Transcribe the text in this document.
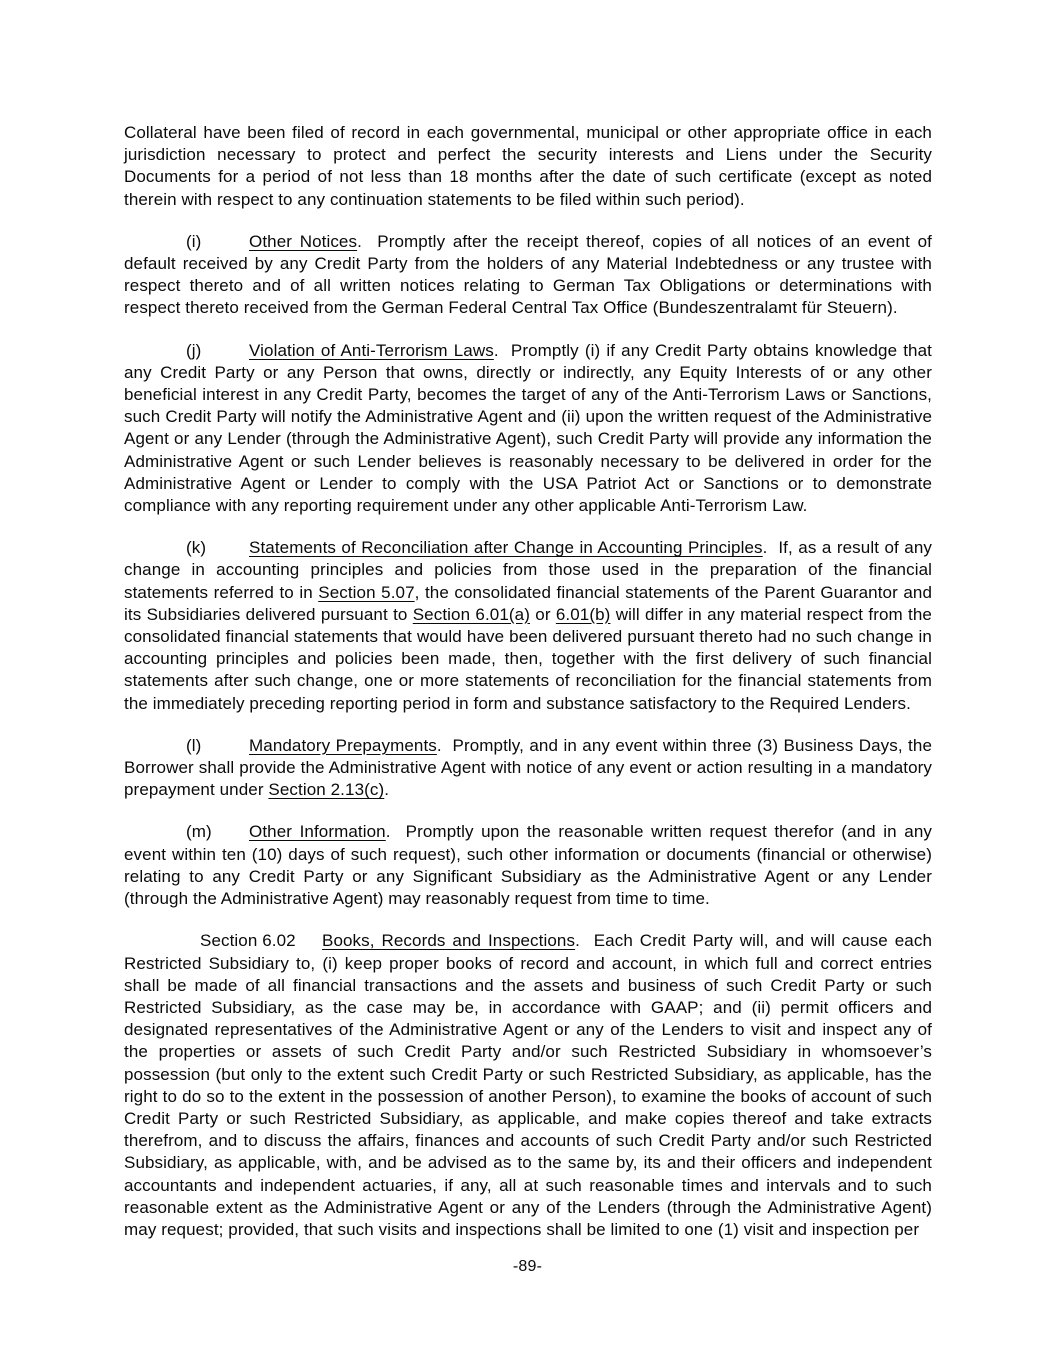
Collateral have been filed of record in each governmental, municipal or other appropriate office in each jurisdiction necessary to protect and perfect the security interests and Liens under the Security Documents for a period of not less than 18 months after the date of such certificate (except as noted therein with respect to any continuation statements to be filed within such period).
(i)	Other Notices.  Promptly after the receipt thereof, copies of all notices of an event of default received by any Credit Party from the holders of any Material Indebtedness or any trustee with respect thereto and of all written notices relating to German Tax Obligations or determinations with respect thereto received from the German Federal Central Tax Office (Bundeszentralamt für Steuern).
(j)	Violation of Anti-Terrorism Laws.  Promptly (i) if any Credit Party obtains knowledge that any Credit Party or any Person that owns, directly or indirectly, any Equity Interests of or any other beneficial interest in any Credit Party, becomes the target of any of the Anti-Terrorism Laws or Sanctions, such Credit Party will notify the Administrative Agent and (ii) upon the written request of the Administrative Agent or any Lender (through the Administrative Agent), such Credit Party will provide any information the Administrative Agent or such Lender believes is reasonably necessary to be delivered in order for the Administrative Agent or Lender to comply with the USA Patriot Act or Sanctions or to demonstrate compliance with any reporting requirement under any other applicable Anti-Terrorism Law.
(k)	Statements of Reconciliation after Change in Accounting Principles.  If, as a result of any change in accounting principles and policies from those used in the preparation of the financial statements referred to in Section 5.07, the consolidated financial statements of the Parent Guarantor and its Subsidiaries delivered pursuant to Section 6.01(a) or 6.01(b) will differ in any material respect from the consolidated financial statements that would have been delivered pursuant thereto had no such change in accounting principles and policies been made, then, together with the first delivery of such financial statements after such change, one or more statements of reconciliation for the financial statements from the immediately preceding reporting period in form and substance satisfactory to the Required Lenders.
(l)	Mandatory Prepayments.  Promptly, and in any event within three (3) Business Days, the Borrower shall provide the Administrative Agent with notice of any event or action resulting in a mandatory prepayment under Section 2.13(c).
(m) Other Information.  Promptly upon the reasonable written request therefor (and in any event within ten (10) days of such request), such other information or documents (financial or otherwise) relating to any Credit Party or any Significant Subsidiary as the Administrative Agent or any Lender (through the Administrative Agent) may reasonably request from time to time.
Section 6.02 Books, Records and Inspections.  Each Credit Party will, and will cause each Restricted Subsidiary to, (i) keep proper books of record and account, in which full and correct entries shall be made of all financial transactions and the assets and business of such Credit Party or such Restricted Subsidiary, as the case may be, in accordance with GAAP; and (ii) permit officers and designated representatives of the Administrative Agent or any of the Lenders to visit and inspect any of the properties or assets of such Credit Party and/or such Restricted Subsidiary in whomsoever’s possession (but only to the extent such Credit Party or such Restricted Subsidiary, as applicable, has the right to do so to the extent in the possession of another Person), to examine the books of account of such Credit Party or such Restricted Subsidiary, as applicable, and make copies thereof and take extracts therefrom, and to discuss the affairs, finances and accounts of such Credit Party and/or such Restricted Subsidiary, as applicable, with, and be advised as to the same by, its and their officers and independent accountants and independent actuaries, if any, all at such reasonable times and intervals and to such reasonable extent as the Administrative Agent or any of the Lenders (through the Administrative Agent) may request; provided, that such visits and inspections shall be limited to one (1) visit and inspection per
-89-
